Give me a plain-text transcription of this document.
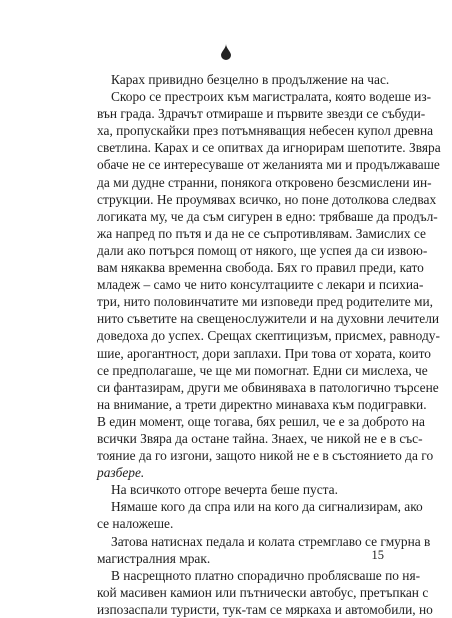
Карах привидно безцелно в продължение на час.
Скоро се престроих към магистралата, която водеше из-
вън града. Здрачът отмираше и първите звезди се събуди-
ха, пропускайки през потъмняващия небесен купол древна
светлина. Карах и се опитвах да игнорирам шепотите. Звяра
обаче не се интересуваше от желанията ми и продължаваше
да ми дудне странни, понякога откровено безсмислени ин-
струкции. Не проумявах всичко, но поне дотолкова следвах
логиката му, че да съм сигурен в едно: трябваше да продъл-
жа напред по пътя и да не се съпротивлявам. Замислих се
дали ако потърся помощ от някого, ще успея да си извою-
вам някаква временна свобода. Бях го правил преди, като
младеж – само че нито консултациите с лекари и психиа-
три, нито половинчатите ми изповеди пред родителите ми,
нито съветите на свещенослужители и на духовни лечители
доведоха до успех. Срещах скептицизъм, присмех, равноду-
шие, арогантност, дори заплахи. При това от хората, които
се предполагаше, че ще ми помогнат. Едни си мислеха, че
си фантазирам, други ме обвиняваха в патологично търсене
на внимание, а трети директно минаваха към подигравки.
В един момент, още тогава, бях решил, че е за доброто на
всички Звяра да остане тайна. Знаех, че никой не е в със-
тояние да го изгони, защото никой не е в състоянието да го
разбере.
На всичкото отгоре вечерта беше пуста.
Нямаше кого да спра или на кого да сигнализирам, ако
се наложеше.
Затова натиснах педала и колата стремглаво се гмурна в
магистралния мрак.
В насрещното платно спорадично проблясваше по ня-
кой масивен камион или пътнически автобус, претъпкан с
изпозаспали туристи, тук-там се мяркаха и автомобили, но
15
